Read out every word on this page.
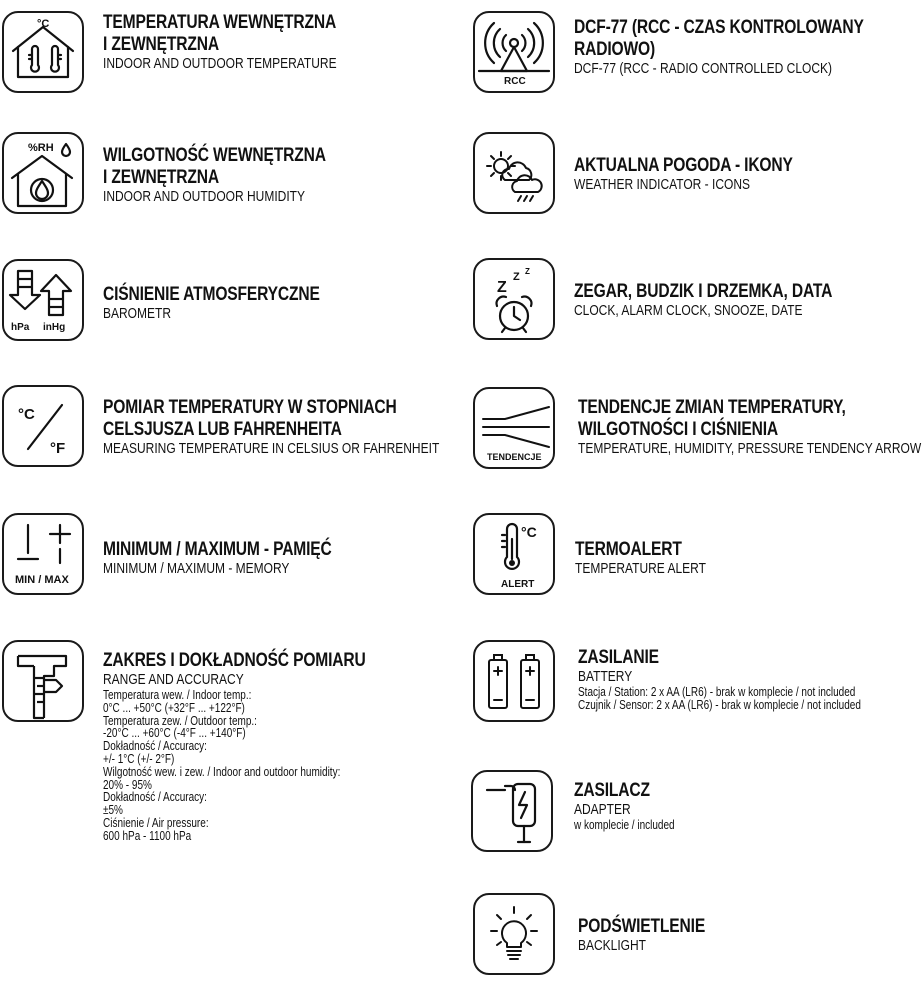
°C	TEMPERATURA WEWNĘTRZNA
I ZEWNĘTRZNA
INDOOR AND OUTDOOR TEMPERATURE
%RH	WILGOTNOŚĆ WEWNĘTRZNA
I ZEWNĘTRZNA
INDOOR AND OUTDOOR HUMIDITY
hPa inHg
CIŚNIENIE ATMOSFERYCZNE
BAROMETR
°C
°F
POMIAR TEMPERATURY W STOPNIACH
CELSJUSZA LUB FAHRENHEITA
MEASURING TEMPERATURE IN CELSIUS OR FAHRENHEIT
MIN / MAX
MINIMUM / MAXIMUM - PAMIĘĆ
MINIMUM / MAXIMUM - MEMORY
ZAKRES I DOKŁADNOŚĆ POMIARU
RANGE AND ACCURACY
Temperatura wew. / Indoor temp.:
0°C ... +50°C (+32°F ... +122°F)
Temperatura zew. / Outdoor temp.:
-20°C ... +60°C (-4°F ... +140°F)
Dokładność / Accuracy:
+/- 1°C (+/- 2°F)
Wilgotność wew. i zew. / Indoor and outdoor humidity:
20% - 95%
Dokładność / Accuracy:
±5%
Ciśnienie / Air pressure:
600 hPa - 1100 hPa
RCC
DCF-77 (RCC - CZAS KONTROLOWANY
RADIOWO)
DCF-77 (RCC - RADIO CONTROLLED CLOCK)
AKTUALNA POGODA - IKONY
WEATHER INDICATOR - ICONS
Z
Z Z
ZEGAR, BUDZIK I DRZEMKA, DATA
CLOCK, ALARM CLOCK, SNOOZE, DATE
TENDENCJE
TENDENCJE ZMIAN TEMPERATURY,
WILGOTNOŚCI I CIŚNIENIA
TEMPERATURE, HUMIDITY, PRESSURE TENDENCY ARROW
°C
ALERT
TERMOALERT
TEMPERATURE ALERT
ZASILANIE
BATTERY
Stacja / Station: 2 x AA (LR6) - brak w komplecie / not included
Czujnik / Sensor: 2 x AA (LR6) - brak w komplecie / not included
ZASILACZ
ADAPTER
w komplecie / included
PODŚWIETLENIE
BACKLIGHT
